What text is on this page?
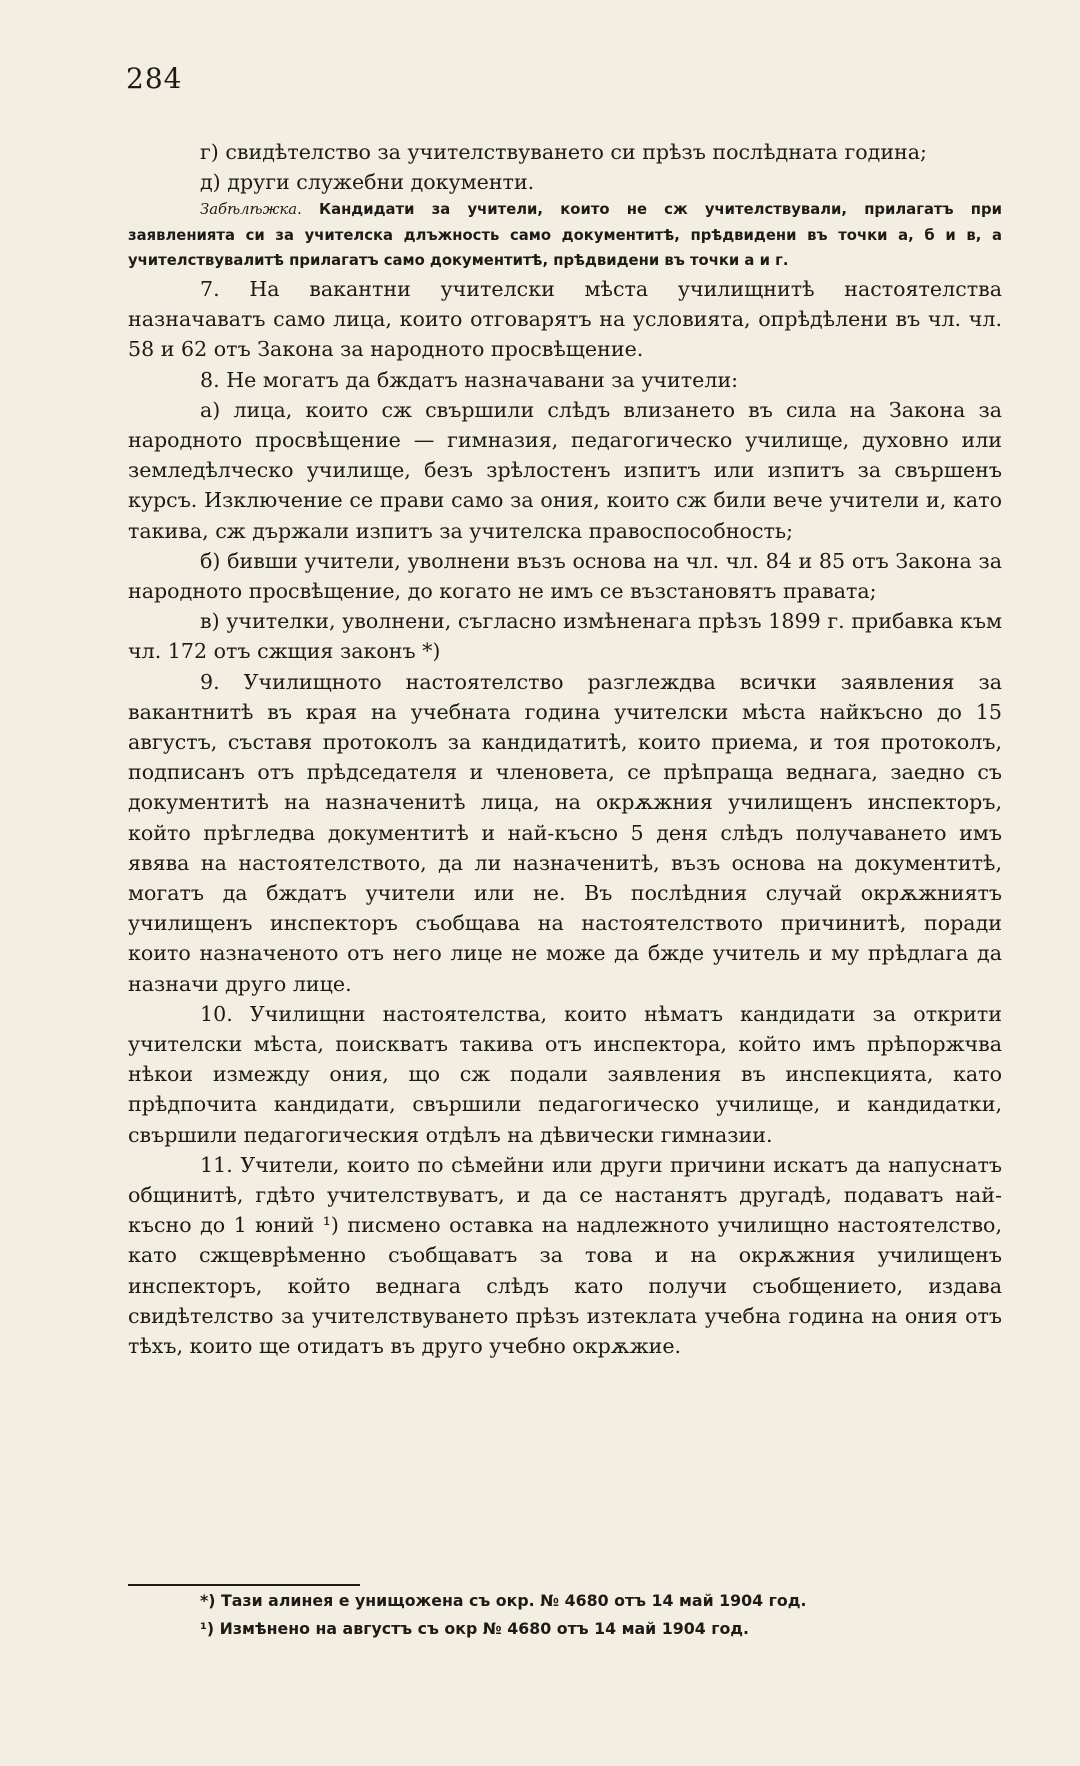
284

г) свидѣтелство за учителствуването си прѣзъ послѣдната година;

д) други служебни документи.

Забѣлѣжка. Кандидати за учители, които не сж учителствували, прилагатъ при заявленията си за учителска длъжность само документитѣ, прѣдвидени въ точки а, б и в, а учителствувалитѣ прилагатъ само документитѣ, прѣдвидени въ точки а и г.

7. На вакантни учителски мѣста училищнитѣ настоятелства назначаватъ само лица, които отговарятъ на условията, опрѣдѣлени въ чл. чл. 58 и 62 отъ Закона за народното просвѣщение.

8. Не могатъ да бждатъ назначавани за учители:

а) лица, които сж свършили слѣдъ влизането въ сила на Закона за народното просвѣщение — гимназия, педагогическо училище, духовно или земледѣлческо училище, безъ зрѣлостенъ изпитъ или изпитъ за свършенъ курсъ. Изключение се прави само за ония, които сж били вече учители и, като такива, сж държали изпитъ за учителска правоспособность;

б) бивши учители, уволнени възъ основа на чл. чл. 84 и 85 отъ Закона за народното просвѣщение, до когато не имъ се възстановятъ правата;

в) учителки, уволнени, съгласно измѣненага прѣзъ 1899 г. прибавка към чл. 172 отъ сжщия законъ *)

9. Училищното настоятелство разглеждва всички заявления за вакантнитѣ въ края на учебната година учителски мѣста найкъсно до 15 августъ, съставя протоколъ за кандидатитѣ, които приема, и тоя протоколъ, подписанъ отъ прѣдседателя и членовета, се прѣпраща веднага, заедно съ документитѣ на назначенитѣ лица, на окрѫжния училищенъ инспекторъ, който прѣгледва документитѣ и най-късно 5 деня слѣдъ получаването имъ явява на настоятелството, да ли назначенитѣ, възъ основа на документитѣ, могатъ да бждатъ учители или не. Въ послѣдния случай окрѫжниятъ училищенъ инспекторъ съобщава на настоятелството причинитѣ, поради които назначеното отъ него лице не може да бжде учитель и му прѣдлага да назначи друго лице.

10. Училищни настоятелства, които нѣматъ кандидати за открити учителски мѣста, поискватъ такива отъ инспектора, който имъ прѣпоржчва нѣкои измежду ония, що сж подали заявления въ инспекцията, като прѣдпочита кандидати, свършили педагогическо училище, и кандидатки, свършили педагогическия отдѣлъ на дѣвически гимназии.

11. Учители, които по сѣмейни или други причини искатъ да напуснатъ общинитѣ, гдѣто учителствуватъ, и да се настанятъ другадѣ, подаватъ най-късно до 1 юний ¹) писмено оставка на надлежното училищно настоятелство, като сжщеврѣменно съобщаватъ за това и на окрѫжния училищенъ инспекторъ, който веднага слѣдъ като получи съобщението, издава свидѣтелство за учителствуването прѣзъ изтеклата учебна година на ония отъ тѣхъ, които ще отидатъ въ друго учебно окрѫжие.

*) Тази алинея е унищожена съ окр. № 4680 отъ 14 май 1904 год.

¹) Измѣнено на августъ съ окр № 4680 отъ 14 май 1904 год.
